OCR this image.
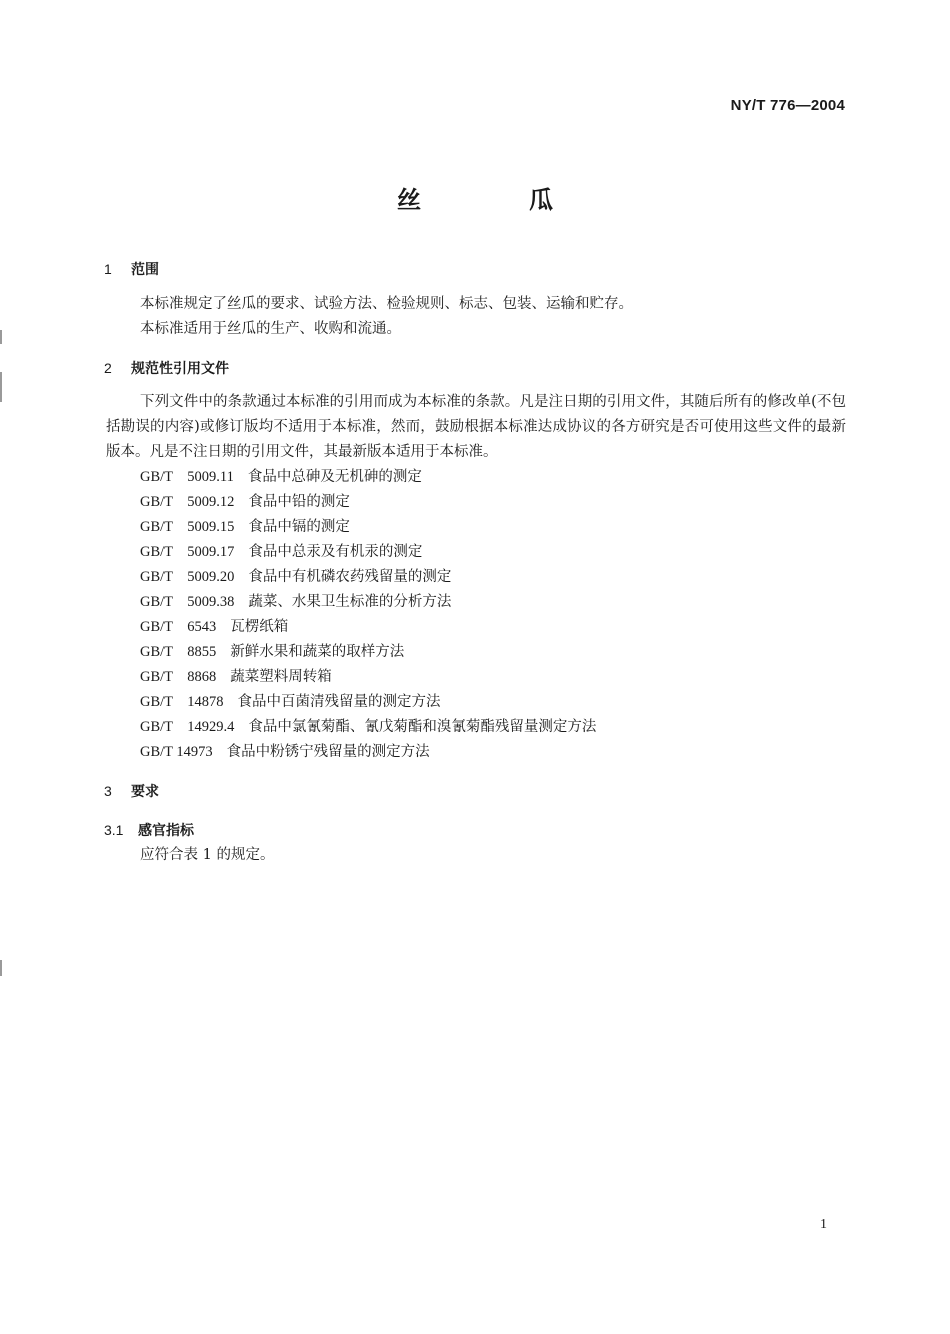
NY/T 776—2004
丝　瓜
1 范围
本标准规定了丝瓜的要求、试验方法、检验规则、标志、包装、运输和贮存。
本标准适用于丝瓜的生产、收购和流通。
2 规范性引用文件
下列文件中的条款通过本标准的引用而成为本标准的条款。凡是注日期的引用文件，其随后所有的修改单(不包括勘误的内容)或修订版均不适用于本标准，然而，鼓励根据本标准达成协议的各方研究是否可使用这些文件的最新版本。凡是不注日期的引用文件，其最新版本适用于本标准。
GB/T　5009.11 食品中总砷及无机砷的测定
GB/T　5009.12 食品中铅的测定
GB/T　5009.15 食品中镉的测定
GB/T　5009.17 食品中总汞及有机汞的测定
GB/T　5009.20 食品中有机磷农药残留量的测定
GB/T　5009.38 蔬菜、水果卫生标准的分析方法
GB/T　6543 瓦楞纸箱
GB/T　8855 新鲜水果和蔬菜的取样方法
GB/T　8868 蔬菜塑料周转箱
GB/T　14878 食品中百菌清残留量的测定方法
GB/T　14929.4 食品中氯氰菊酯、氰戊菊酯和溴氰菊酯残留量测定方法
GB/T 14973 食品中粉锈宁残留量的测定方法
3 要求
3.1 感官指标
应符合表 1 的规定。
1
